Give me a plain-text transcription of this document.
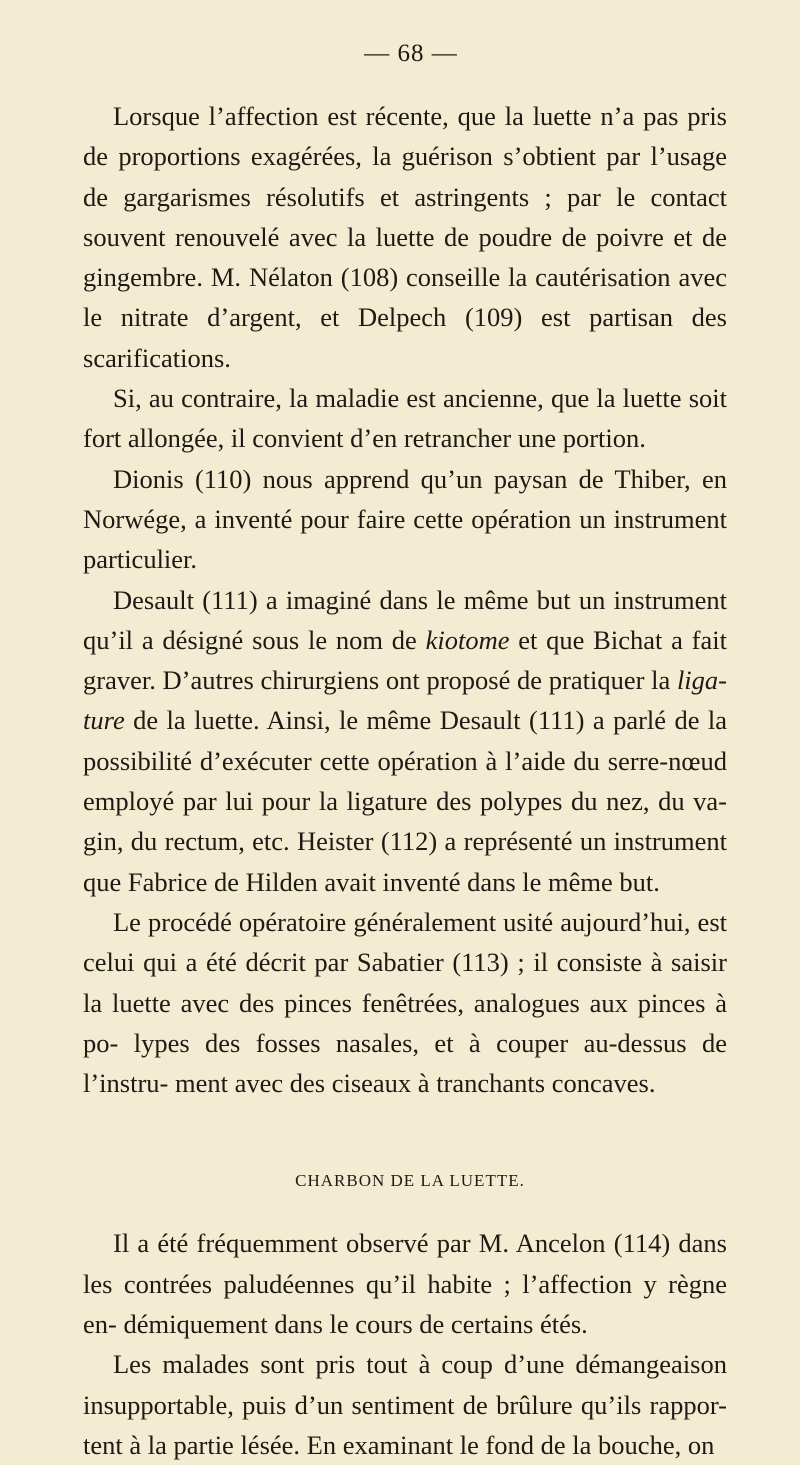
— 68 —

Lorsque l’affection est récente, que la luette n’a pas pris de proportions exagérées, la guérison s’obtient par l’usage de gargarismes résolutifs et astringents ; par le contact souvent renouvelé avec la luette de poudre de poivre et de gingembre. M. Nélaton (108) conseille la cautérisation avec le nitrate d’argent, et Delpech (109) est partisan des scarifications.

Si, au contraire, la maladie est ancienne, que la luette soit fort allongée, il convient d’en retrancher une portion.

Dionis (110) nous apprend qu’un paysan de Thiber, en Norwége, a inventé pour faire cette opération un instrument particulier.

Desault (111) a imaginé dans le même but un instrument qu’il a désigné sous le nom de kiotome et que Bichat a fait graver. D’autres chirurgiens ont proposé de pratiquer la liga- ture de la luette. Ainsi, le même Desault (111) a parlé de la possibilité d’exécuter cette opération à l’aide du serre-nœud employé par lui pour la ligature des polypes du nez, du va- gin, du rectum, etc. Heister (112) a représenté un instrument que Fabrice de Hilden avait inventé dans le même but.

Le procédé opératoire généralement usité aujourd’hui, est celui qui a été décrit par Sabatier (113) ; il consiste à saisir la luette avec des pinces fenêtrées, analogues aux pinces à po- lypes des fosses nasales, et à couper au-dessus de l’instru- ment avec des ciseaux à tranchants concaves.

CHARBON DE LA LUETTE.

Il a été fréquemment observé par M. Ancelon (114) dans les contrées paludéennes qu’il habite ; l’affection y règne en- démiquement dans le cours de certains étés.

Les malades sont pris tout à coup d’une démangeaison insupportable, puis d’un sentiment de brûlure qu’ils rappor- tent à la partie lésée. En examinant le fond de la bouche, on
